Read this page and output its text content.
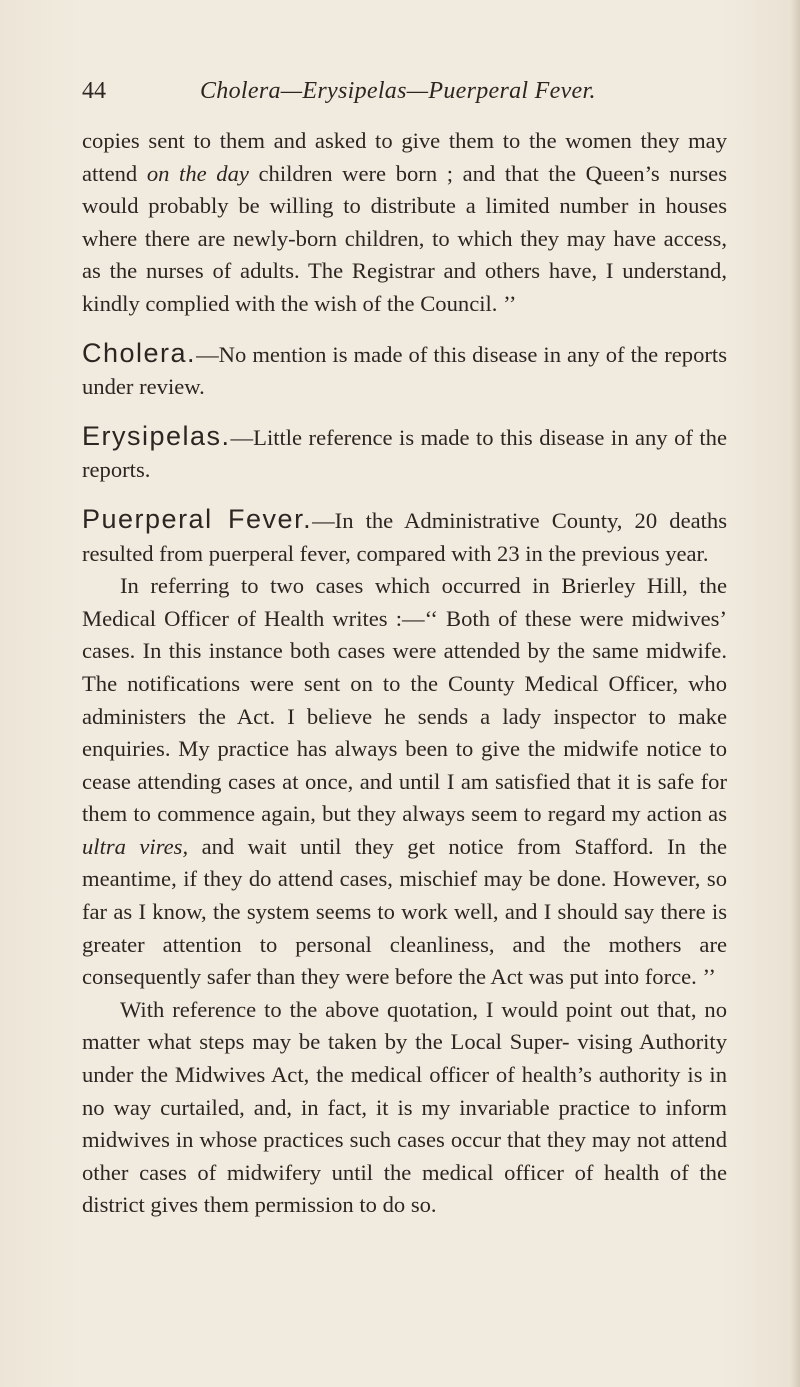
44	Cholera—Erysipelas—Puerperal Fever.

copies sent to them and asked to give them to the women they may attend on the day children were born ; and that the Queen’s nurses would probably be willing to distribute a limited number in houses where there are newly-born children, to which they may have access, as the nurses of adults. The Registrar and others have, I understand, kindly complied with the wish of the Council. ’’

Cholera.—No mention is made of this disease in any of the reports under review.

Erysipelas.—Little reference is made to this disease in any of the reports.

Puerperal Fever.—In the Administrative County, 20 deaths resulted from puerperal fever, compared with 23 in the previous year.

In referring to two cases which occurred in Brierley Hill, the Medical Officer of Health writes :—‘‘ Both of these were midwives’ cases. In this instance both cases were attended by the same midwife. The notifications were sent on to the County Medical Officer, who administers the Act. I believe he sends a lady inspector to make enquiries. My practice has always been to give the midwife notice to cease attending cases at once, and until I am satisfied that it is safe for them to commence again, but they always seem to regard my action as ultra vires, and wait until they get notice from Stafford. In the meantime, if they do attend cases, mischief may be done. However, so far as I know, the system seems to work well, and I should say there is greater attention to personal cleanliness, and the mothers are consequently safer than they were before the Act was put into force. ’’

With reference to the above quotation, I would point out that, no matter what steps may be taken by the Local Super- vising Authority under the Midwives Act, the medical officer of health’s authority is in no way curtailed, and, in fact, it is my invariable practice to inform midwives in whose practices such cases occur that they may not attend other cases of midwifery until the medical officer of health of the district gives them permission to do so.
